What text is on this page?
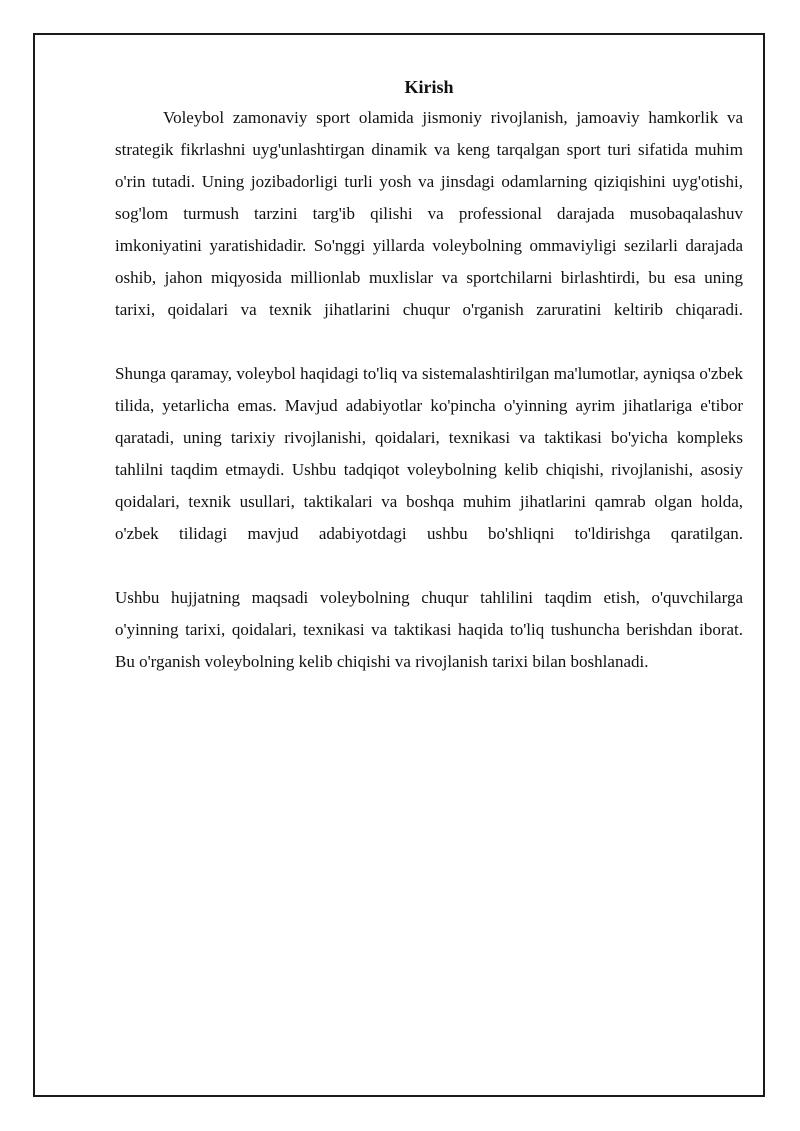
Kirish

Voleybol zamonaviy sport olamida jismoniy rivojlanish, jamoaviy hamkorlik va strategik fikrlashni uyg'unlashtirgan dinamik va keng tarqalgan sport turi sifatida muhim o'rin tutadi. Uning jozibadorligi turli yosh va jinsdagi odamlarning qiziqishini uyg'otishi, sog'lom turmush tarzini targ'ib qilishi va professional darajada musobaqalashuv imkoniyatini yaratishidadir. So'nggi yillarda voleybolning ommaviyligi sezilarli darajada oshib, jahon miqyosida millionlab muxlislar va sportchilarni birlashtirdi, bu esa uning tarixi, qoidalari va texnik jihatlarini chuqur o'rganish zaruratini keltirib chiqaradi.

Shunga qaramay, voleybol haqidagi to'liq va sistemalashtirilgan ma'lumotlar, ayniqsa o'zbek tilida, yetarlicha emas. Mavjud adabiyotlar ko'pincha o'yinning ayrim jihatlariga e'tibor qaratadi, uning tarixiy rivojlanishi, qoidalari, texnikasi va taktikasi bo'yicha kompleks tahlilni taqdim etmaydi. Ushbu tadqiqot voleybolning kelib chiqishi, rivojlanishi, asosiy qoidalari, texnik usullari, taktikalari va boshqa muhim jihatlarini qamrab olgan holda, o'zbek tilidagi mavjud adabiyotdagi ushbu bo'shliqni to'ldirishga qaratilgan.

Ushbu hujjatning maqsadi voleybolning chuqur tahlilini taqdim etish, o'quvchilarga o'yinning tarixi, qoidalari, texnikasi va taktikasi haqida to'liq tushuncha berishdan iborat. Bu o'rganish voleybolning kelib chiqishi va rivojlanish tarixi bilan boshlanadi.
